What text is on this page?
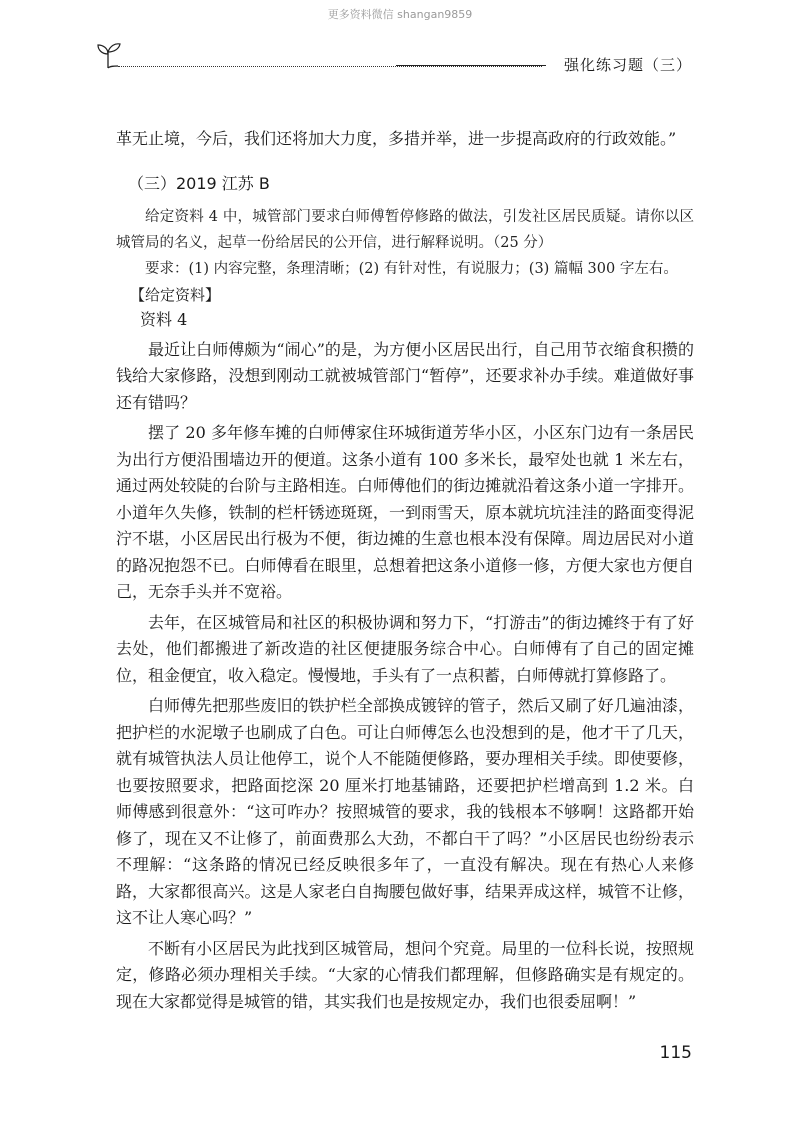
更多资料微信 shangan9859
强化练习题（三）

革无止境，今后，我们还将加大力度，多措并举，进一步提高政府的行政效能。”

（三）2019 江苏 B

给定资料 4 中，城管部门要求白师傅暂停修路的做法，引发社区居民质疑。请你以区城管局的名义，起草一份给居民的公开信，进行解释说明。（25 分）

要求：(1) 内容完整，条理清晰；(2) 有针对性，有说服力；(3) 篇幅 300 字左右。

【给定资料】
资料 4

最近让白师傅颇为“闹心”的是，为方便小区居民出行，自己用节衣缩食积攒的钱给大家修路，没想到刚动工就被城管部门“暂停”，还要求补办手续。难道做好事还有错吗？

摆了 20 多年修车摊的白师傅家住环城街道芳华小区，小区东门边有一条居民为出行方便沿围墙边开的便道。这条小道有 100 多米长，最窄处也就 1 米左右，通过两处较陡的台阶与主路相连。白师傅他们的街边摊就沿着这条小道一字排开。小道年久失修，铁制的栏杆锈迹斑斑，一到雨雪天，原本就坑坑洼洼的路面变得泥泞不堪，小区居民出行极为不便，街边摊的生意也根本没有保障。周边居民对小道的路况抱怨不已。白师傅看在眼里，总想着把这条小道修一修，方便大家也方便自己，无奈手头并不宽裕。

去年，在区城管局和社区的积极协调和努力下，“打游击”的街边摊终于有了好去处，他们都搬进了新改造的社区便捷服务综合中心。白师傅有了自己的固定摊位，租金便宜，收入稳定。慢慢地，手头有了一点积蓄，白师傅就打算修路了。

白师傅先把那些废旧的铁护栏全部换成镀锌的管子，然后又刷了好几遍油漆，把护栏的水泥墩子也刷成了白色。可让白师傅怎么也没想到的是，他才干了几天，就有城管执法人员让他停工，说个人不能随便修路，要办理相关手续。即使要修，也要按照要求，把路面挖深 20 厘米打地基铺路，还要把护栏增高到 1.2 米。白师傅感到很意外：“这可咋办？按照城管的要求，我的钱根本不够啊！这路都开始修了，现在又不让修了，前面费那么大劲，不都白干了吗？”小区居民也纷纷表示不理解：“这条路的情况已经反映很多年了，一直没有解决。现在有热心人来修路，大家都很高兴。这是人家老白自掏腰包做好事，结果弄成这样，城管不让修，这不让人寒心吗？”

不断有小区居民为此找到区城管局，想问个究竟。局里的一位科长说，按照规定，修路必须办理相关手续。“大家的心情我们都理解，但修路确实是有规定的。现在大家都觉得是城管的错，其实我们也是按规定办，我们也很委屈啊！”

115
